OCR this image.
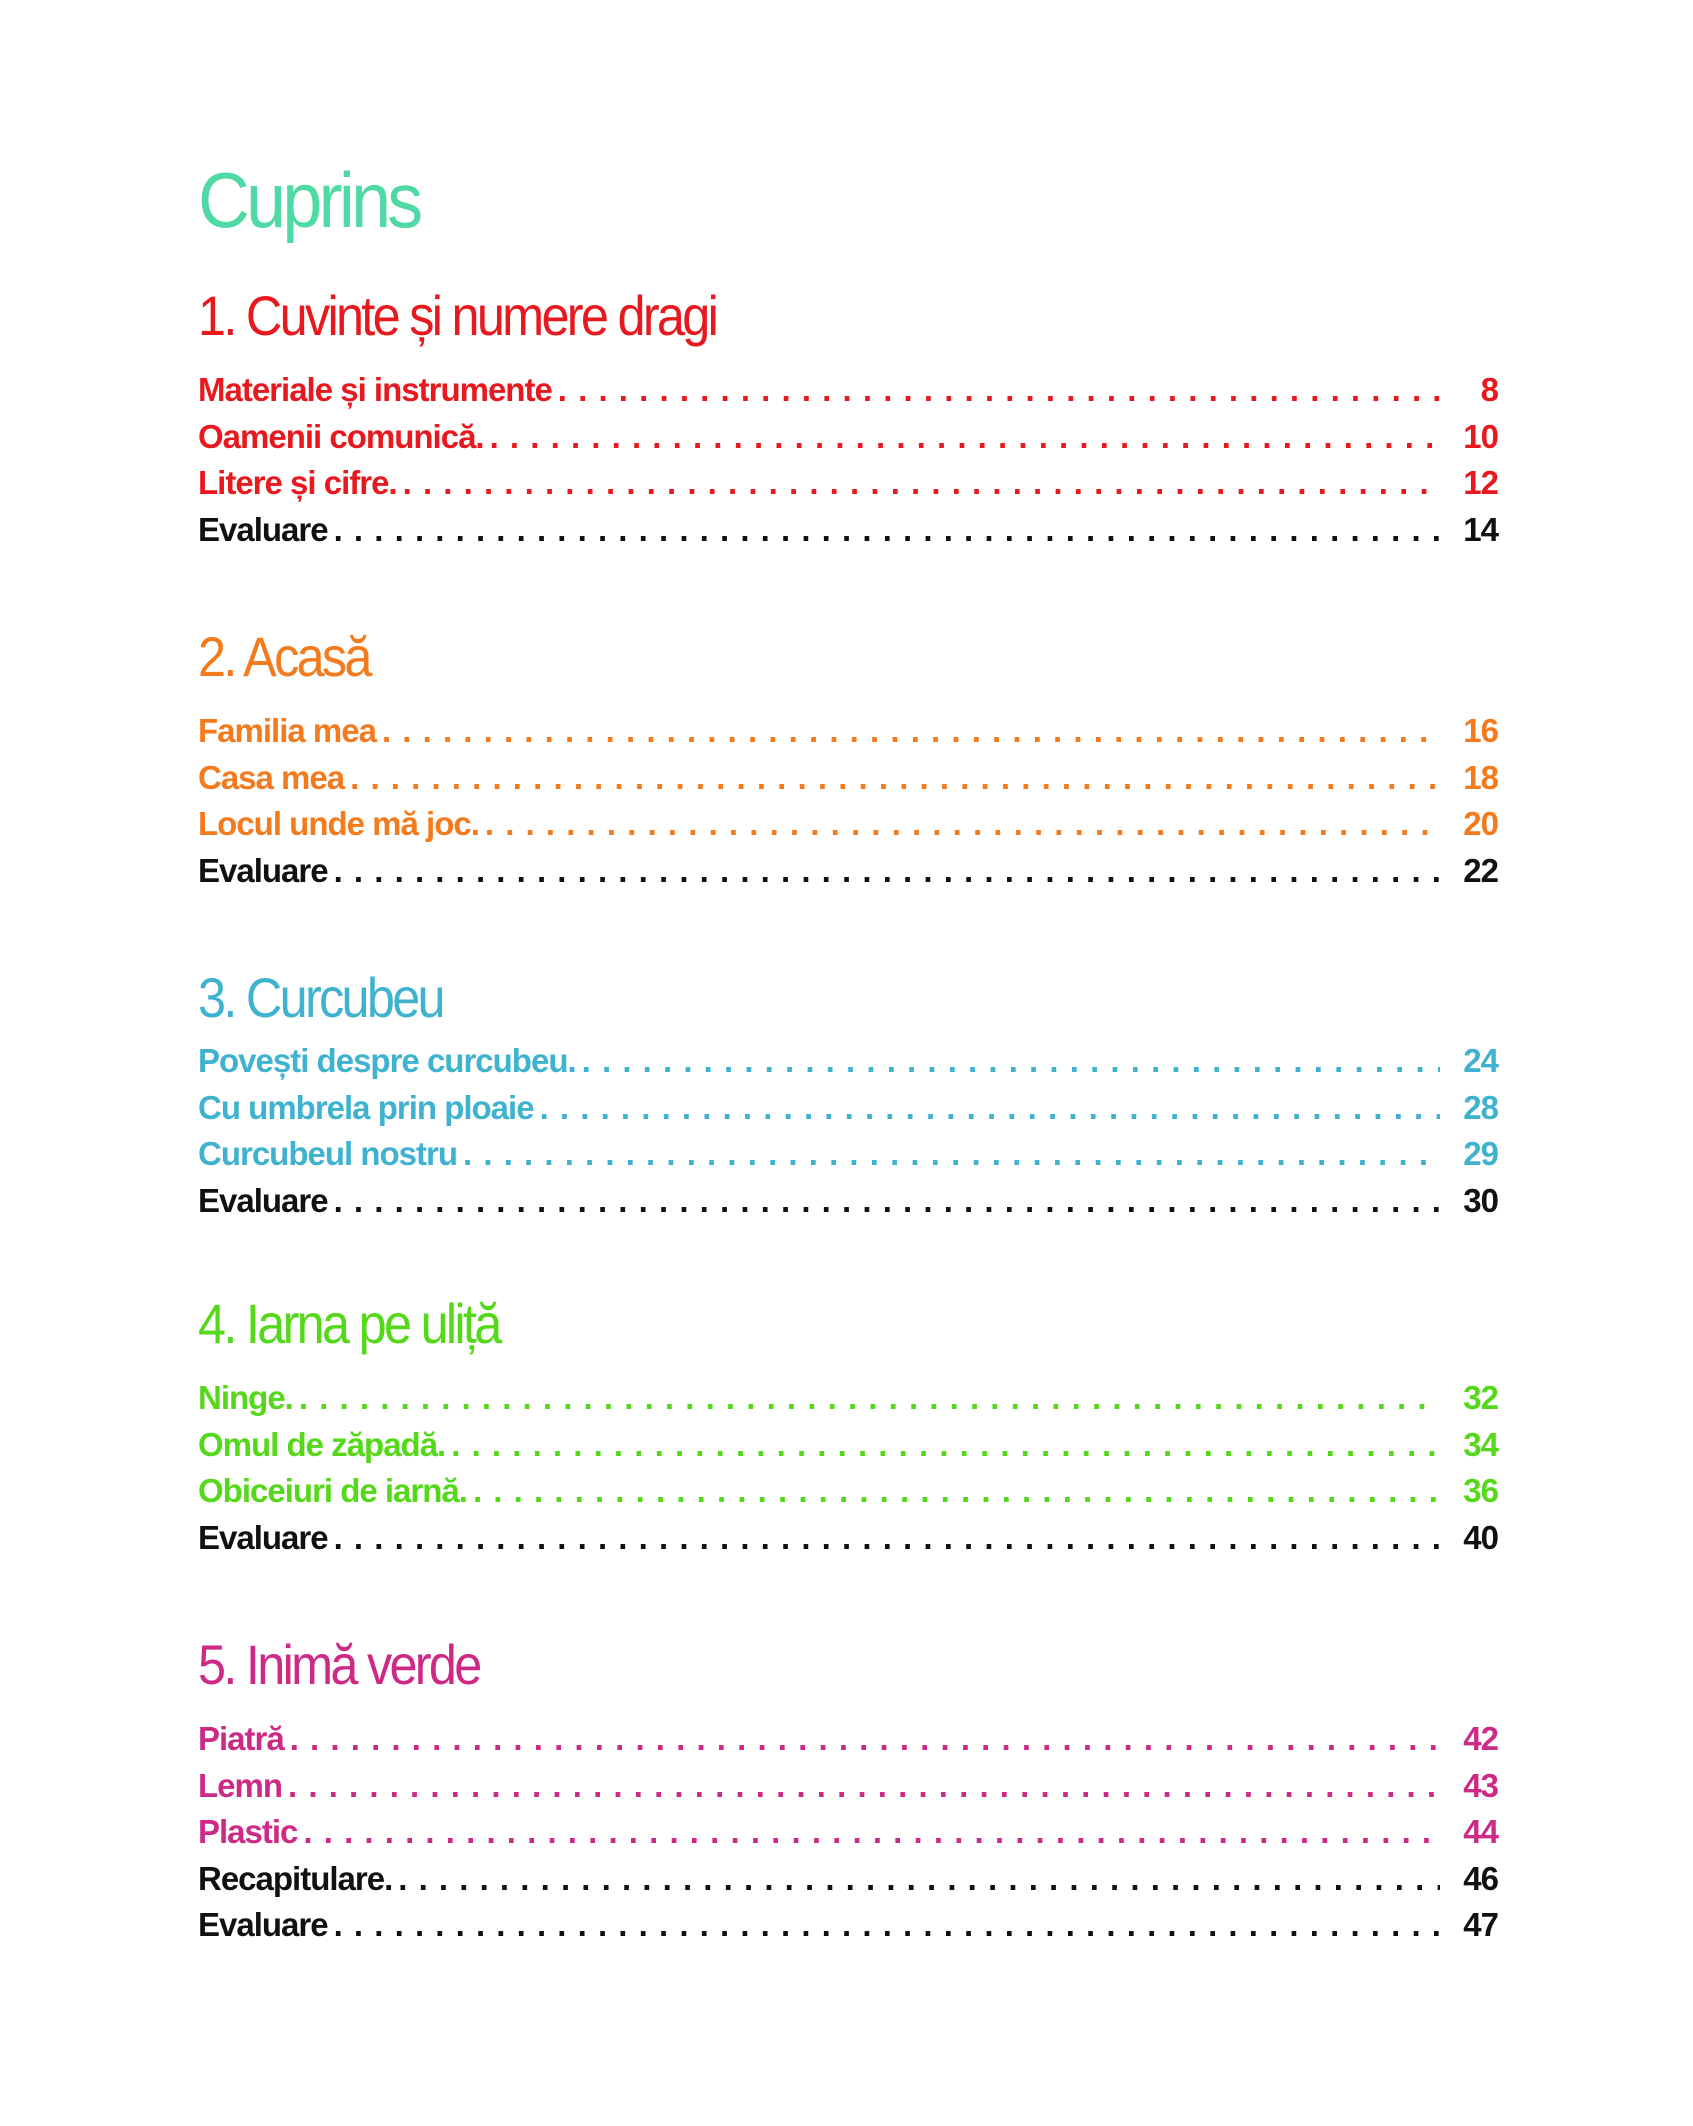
Cuprins
1. Cuvinte și numere dragi
Materiale și instrumente . . .	8
Oamenii comunică. . . .	10
Litere și cifre. . . .	12
Evaluare . . .	14
2. Acasă
Familia mea . . .	16
Casa mea . . .	18
Locul unde mă joc. . . .	20
Evaluare . . .	22
3. Curcubeu
Povești despre curcubeu. . . .	24
Cu umbrela prin ploaie . . .	28
Curcubeul nostru . . .	29
Evaluare . . .	30
4. Iarna pe uliță
Ninge. . . .	32
Omul de zăpadă. . . .	34
Obiceiuri de iarnă. . . .	36
Evaluare . . .	40
5. Inimă verde
Piatră . . .	42
Lemn . . .	43
Plastic . . .	44
Recapitulare. . . .	46
Evaluare . . .	47
